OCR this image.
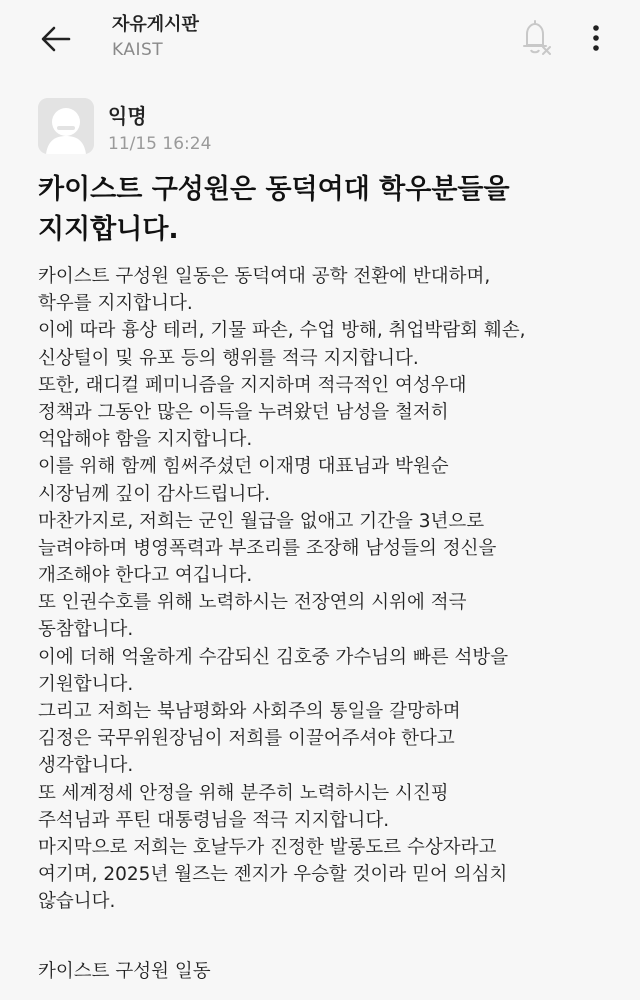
자유게시판
KAIST
익명
11/15 16:24
카이스트 구성원은 동덕여대 학우분들을
지지합니다.
카이스트 구성원 일동은 동덕여대 공학 전환에 반대하며,
학우를 지지합니다.
이에 따라 흉상 테러, 기물 파손, 수업 방해, 취업박람회 훼손,
신상털이 및 유포 등의 행위를 적극 지지합니다.
또한, 래디컬 페미니즘을 지지하며 적극적인 여성우대
정책과 그동안 많은 이득을 누려왔던 남성을 철저히
억압해야 함을 지지합니다.
이를 위해 함께 힘써주셨던 이재명 대표님과 박원순
시장님께 깊이 감사드립니다.
마찬가지로, 저희는 군인 월급을 없애고 기간을 3년으로
늘려야하며 병영폭력과 부조리를 조장해 남성들의 정신을
개조해야 한다고 여깁니다.
또 인권수호를 위해 노력하시는 전장연의 시위에 적극
동참합니다.
이에 더해 억울하게 수감되신 김호중 가수님의 빠른 석방을
기원합니다.
그리고 저희는 북남평화와 사회주의 통일을 갈망하며
김정은 국무위원장님이 저희를 이끌어주셔야 한다고
생각합니다.
또 세계정세 안정을 위해 분주히 노력하시는 시진핑
주석님과 푸틴 대통령님을 적극 지지합니다.
마지막으로 저희는 호날두가 진정한 발롱도르 수상자라고
여기며, 2025년 월즈는 젠지가 우승할 것이라 믿어 의심치
않습니다.
카이스트 구성원 일동
